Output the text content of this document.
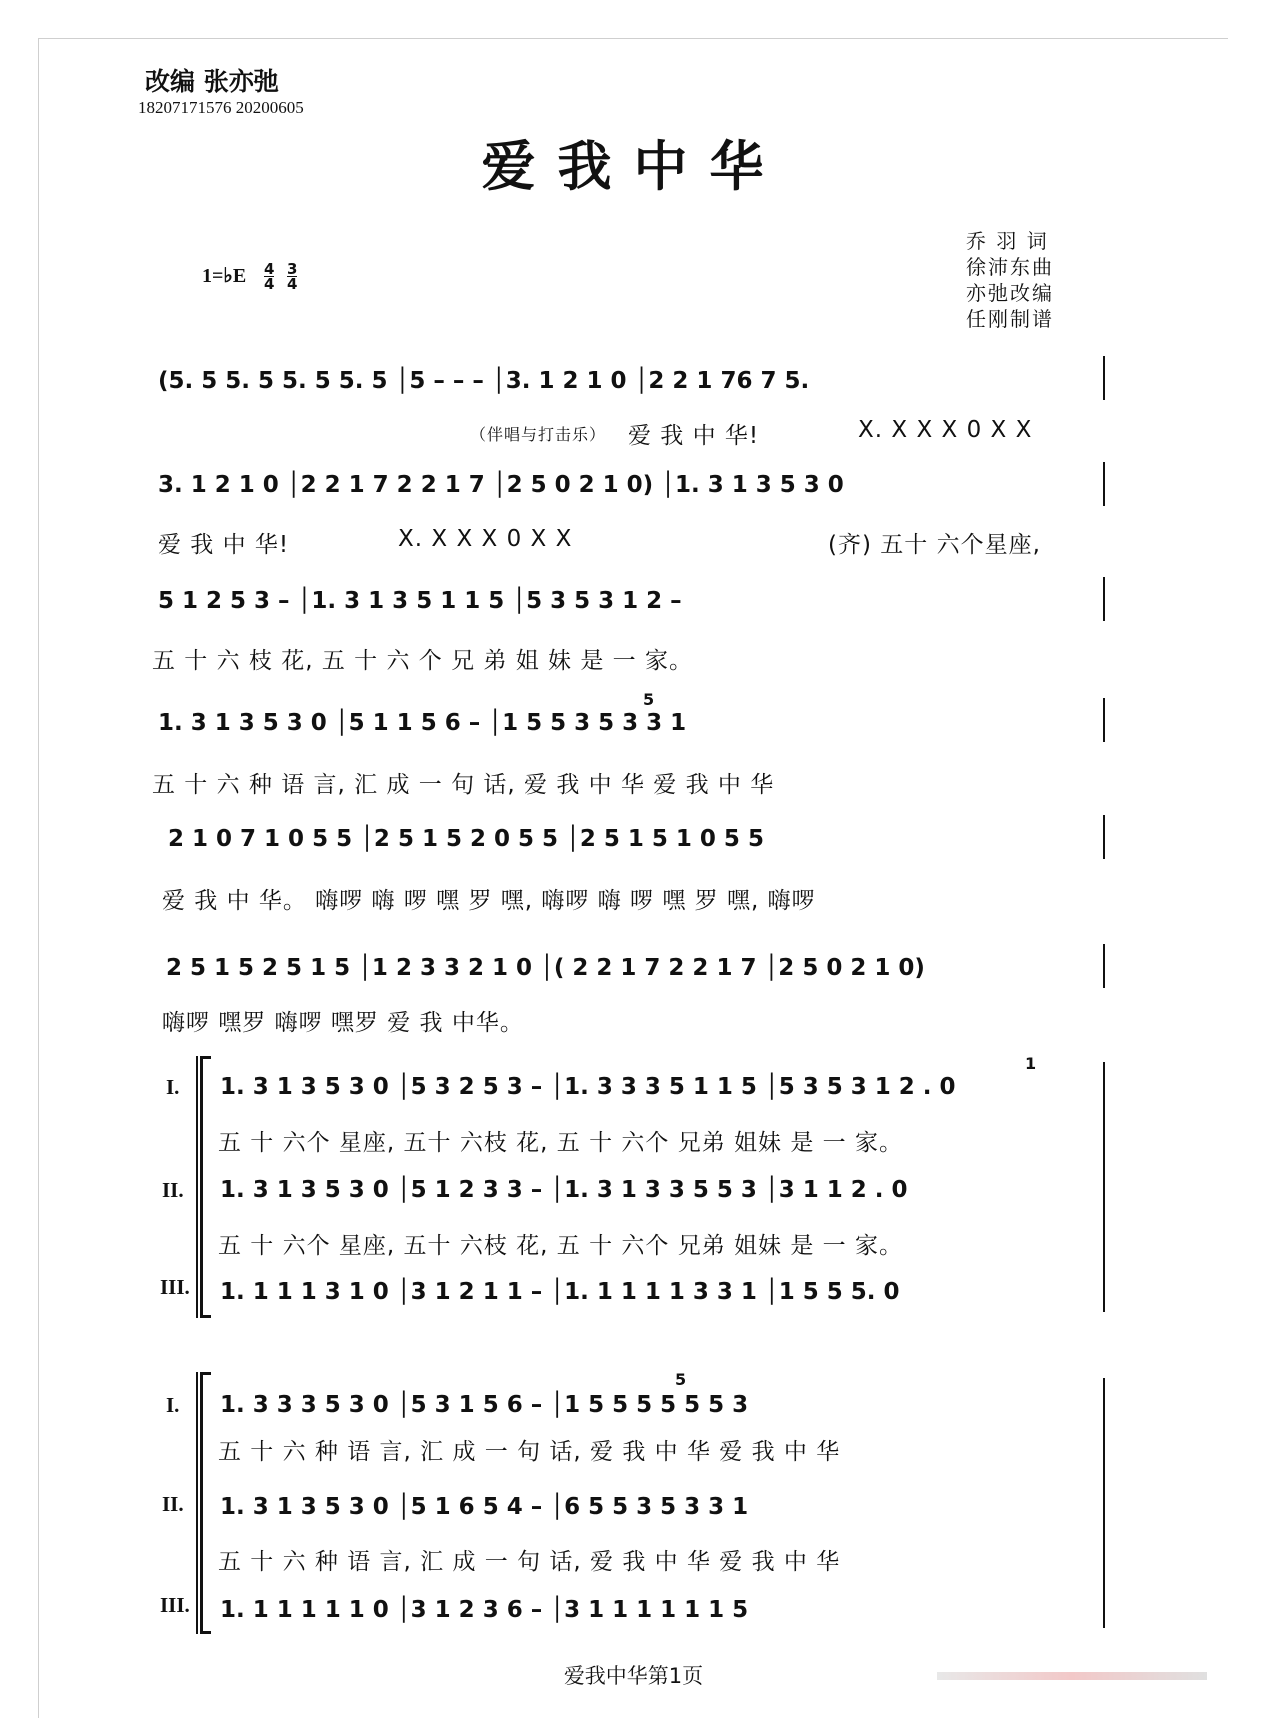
改编 张亦弛
18207171576 20200605
爱我中华
乔 羽 词
徐沛东曲
亦弛改编
任刚制谱
1=♭E 4
4
3
4
(5. 5 5. 5 5. 5 5. 5 │5 – – – │3. 1 2 1 0 │2 2 1 76 7 5.
（伴唱与打击乐） 爱 我 中 华!	X. X X X 0 X X
3. 1 2 1 0 │2 2 1 7 2 2 1 7 │2 5 0 2 1 0) │1. 3 1 3 5 3 0
爱 我 中 华!	X. X X X 0 X X	(齐) 五十 六个星座,
5 1 2 5 3 – │1. 3 1 3 5 1 1 5 │5 3 5 3 1 2 –
五 十 六 枝 花, 五 十 六 个 兄 弟 姐 妹 是 一 家。
1. 3 1 3 5 3 0 │5 1 1 5 6 – │1 5 5 3 5 3 3 1
5
五 十 六 种 语 言, 汇 成 一 句 话, 爱 我 中 华 爱 我 中 华
2 1 0 7 1 0 5 5 │2 5 1 5 2 0 5 5 │2 5 1 5 1 0 5 5
爱 我 中 华。 嗨啰 嗨 啰 嘿 罗 嘿, 嗨啰 嗨 啰 嘿 罗 嘿, 嗨啰
2 5 1 5 2 5 1 5 │1 2 3 3 2 1 0 │( 2 2 1 7 2 2 1 7 │2 5 0 2 1 0)
嗨啰 嘿罗 嗨啰 嘿罗 爱 我 中华。
I.
II.
III.
1
1. 3 1 3 5 3 0 │5 3 2 5 3 – │1. 3 3 3 5 1 1 5 │5 3 5 3 1 2 . 0
五 十 六个 星座, 五十 六枝 花, 五 十 六个 兄弟 姐妹 是 一 家。
1. 3 1 3 5 3 0 │5 1 2 3 3 – │1. 3 1 3 3 5 5 3 │3 1 1 2 . 0
五 十 六个 星座, 五十 六枝 花, 五 十 六个 兄弟 姐妹 是 一 家。
1. 1 1 1 3 1 0 │3 1 2 1 1 – │1. 1 1 1 1 3 3 1 │1 5 5 5. 0
I.
II.
III.
5
1. 3 3 3 5 3 0 │5 3 1 5 6 – │1 5 5 5 5 5 5 3
五 十 六 种 语 言, 汇 成 一 句 话, 爱 我 中 华 爱 我 中 华
1. 3 1 3 5 3 0 │5 1 6 5 4 – │6 5 5 3 5 3 3 1
五 十 六 种 语 言, 汇 成 一 句 话, 爱 我 中 华 爱 我 中 华
1. 1 1 1 1 1 0 │3 1 2 3 6 – │3 1 1 1 1 1 1 5
爱我中华第1页
